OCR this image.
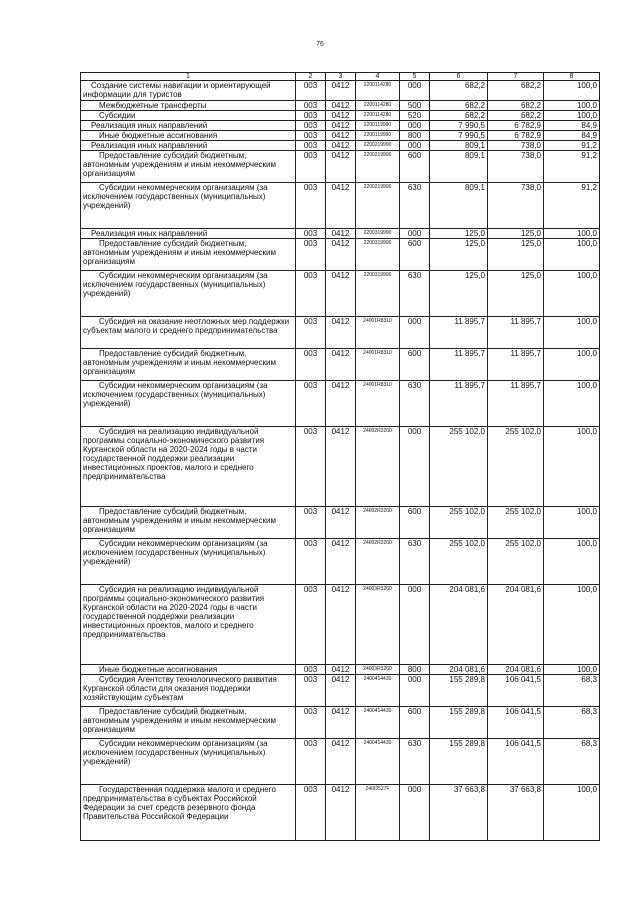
76
1	2	3	4	5	6	7	8
Создание системы навигации и ориентирующей информации для туристов	003	0412	2200114280	000	682,2	682,2	100,0
Межбюджетные трансферты	003	0412	2200114280	500	682,2	682,2	100,0
Субсидии	003	0412	2200114280	520	682,2	682,2	100,0
Реализация иных направлений	003	0412	2200119990	000	7 990,5	6 782,9	84,9
Иные бюджетные ассигнования	003	0412	2200119990	800	7 990,5	6 782,9	84,9
Реализация иных направлений	003	0412	2200219990	000	809,1	738,0	91,2
Предоставление субсидий бюджетным, автономным учреждениям и иным некоммерческим организациям	003	0412	2200219990	600	809,1	738,0	91,2
Субсидии некоммерческим организациям (за исключением государственных (муниципальных) учреждений)	003	0412	2200219990	630	809,1	738,0	91,2
Реализация иных направлений	003	0412	2200319990	000	125,0	125,0	100,0
Предоставление субсидий бюджетным, автономным учреждениям и иным некоммерческим организациям	003	0412	2200319990	600	125,0	125,0	100,0
Субсидии некоммерческим организациям (за исключением государственных (муниципальных) учреждений)	003	0412	2200319990	630	125,0	125,0	100,0
Субсидия на оказание неотложных мер поддержки субъектам малого и среднего предпринимательства	003	0412	24001R8310	000	11 895,7	11 895,7	100,0
Предоставление субсидий бюджетным, автономным учреждениям и иным некоммерческим организациям	003	0412	24001R8310	600	11 895,7	11 895,7	100,0
Субсидии некоммерческим организациям (за исключением государственных (муниципальных) учреждений)	003	0412	24001R8310	630	11 895,7	11 895,7	100,0
Субсидия на реализацию индивидуальной программы социально-экономического развития Курганской области на 2020-2024 годы в части государственной поддержки реализации инвестиционных проектов, малого и среднего предпринимательства	003	0412	24002R3260	000	255 102,0	255 102,0	100,0
Предоставление субсидий бюджетным, автономным учреждениям и иным некоммерческим организациям	003	0412	24002R3260	600	255 102,0	255 102,0	100,0
Субсидии некоммерческим организациям (за исключением государственных (муниципальных) учреждений)	003	0412	24002R3260	630	255 102,0	255 102,0	100,0
Субсидия на реализацию индивидуальной программы социально-экономического развития Курганской области на 2020-2024 годы в части государственной поддержки реализации инвестиционных проектов, малого и среднего предпринимательства	003	0412	24003R3260	000	204 081,6	204 081,6	100,0
Иные бюджетные ассигнования	003	0412	24003R3260	800	204 081,6	204 081,6	100,0
Субсидия Агентству технологического развития Курганской области для оказания поддержки хозяйствующим субъектам	003	0412	2400414430	000	155 289,8	106 041,5	68,3
Предоставление субсидий бюджетным, автономным учреждениям и иным некоммерческим организациям	003	0412	2400414430	600	155 289,8	106 041,5	68,3
Субсидии некоммерческим организациям (за исключением государственных (муниципальных) учреждений)	003	0412	2400414430	630	155 289,8	106 041,5	68,3
Государственная поддержка малого и среднего предпринимательства в субъектах Российской Федерации за счет средств резервного фонда Правительства Российской Федерации	003	0412	240I3527F	000	37 663,8	37 663,8	100,0
